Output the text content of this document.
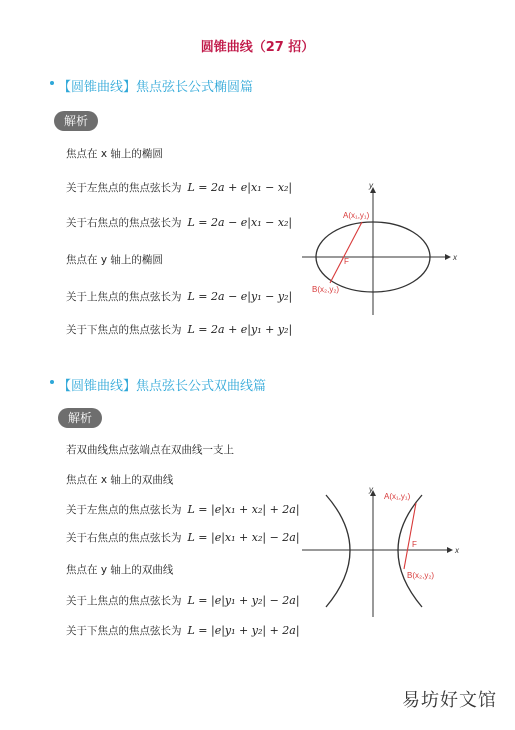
圆锥曲线（27 招）
【圆锥曲线】焦点弦长公式椭圆篇
解析
焦点在 x 轴上的椭圆
关于左焦点的焦点弦长为 L = 2a + e|x₁ − x₂|
关于右焦点的焦点弦长为 L = 2a − e|x₁ − x₂|
焦点在 y 轴上的椭圆
关于上焦点的焦点弦长为 L = 2a − e|y₁ − y₂|
关于下焦点的焦点弦长为 L = 2a + e|y₁ + y₂|
x
y
A(x₁,y₁)
B(x₂,y₂)
F
【圆锥曲线】焦点弦长公式双曲线篇
解析
若双曲线焦点弦端点在双曲线一支上
焦点在 x 轴上的双曲线
关于左焦点的焦点弦长为 L = |e|x₁ + x₂| + 2a|
关于右焦点的焦点弦长为 L = |e|x₁ + x₂| − 2a|
焦点在 y 轴上的双曲线
关于上焦点的焦点弦长为 L = |e|y₁ + y₂| − 2a|
关于下焦点的焦点弦长为 L = |e|y₁ + y₂| + 2a|
x
y
A(x₁,y₁)
B(x₂,y₂)
F
易坊好文馆
